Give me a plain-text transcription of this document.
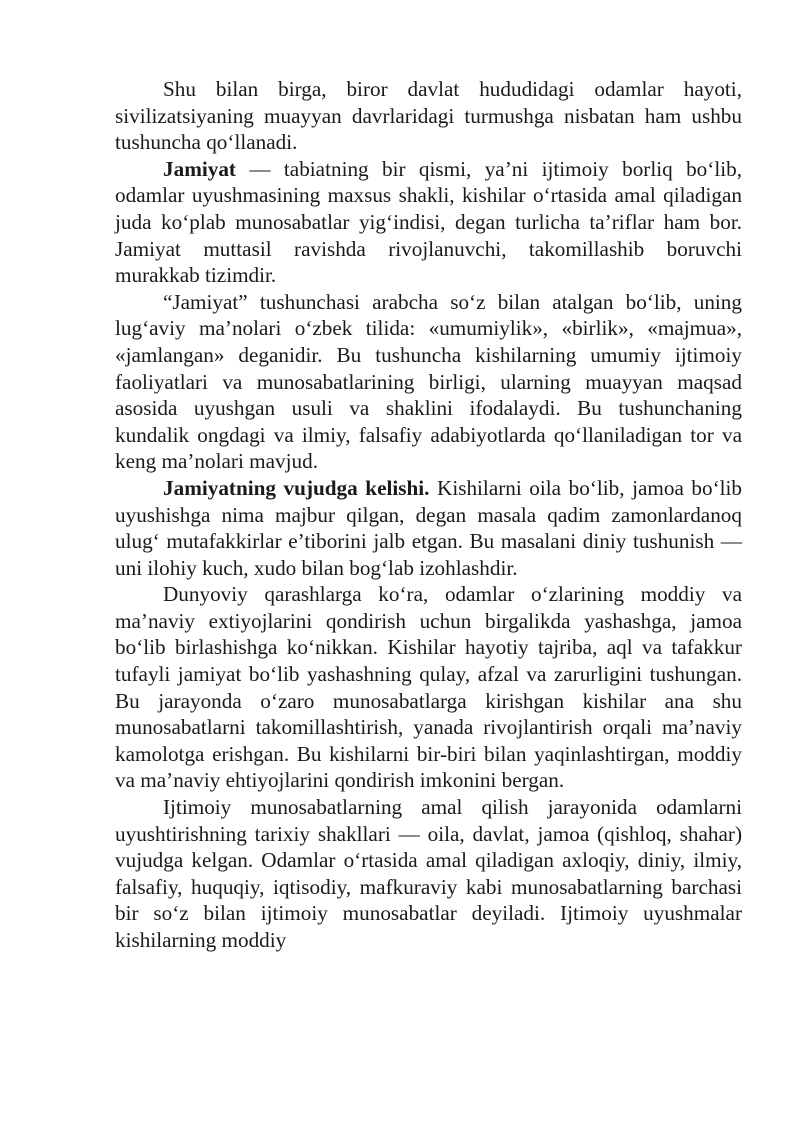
Shu bilan birga, biror davlat hududidagi odamlar hayoti, sivilizatsiyaning muayyan davrlaridagi turmushga nisbatan ham ushbu tushuncha qo‘llanadi.

Jamiyat — tabiatning bir qismi, ya’ni ijtimoiy borliq bo‘lib, odamlar uyushmasining maxsus shakli, kishilar o‘rtasida amal qiladigan juda ko‘plab munosabatlar yig‘indisi, degan turlicha ta’riflar ham bor. Jamiyat muttasil ravishda rivojlanuvchi, takomillashib boruvchi murakkab tizimdir.

“Jamiyat” tushunchasi arabcha so‘z bilan atalgan bo‘lib, uning lug‘aviy ma’nolari o‘zbek tilida: «umumiylik», «birlik», «majmua», «jamlangan» deganidir. Bu tushuncha kishilarning umumiy ijtimoiy faoliyatlari va munosabatlarining birligi, ularning muayyan maqsad asosida uyushgan usuli va shaklini ifodalaydi. Bu tushunchaning kundalik ongdagi va ilmiy, falsafiy adabiyotlarda qo‘llaniladigan tor va keng ma’nolari mavjud.

Jamiyatning vujudga kelishi. Kishilarni oila bo‘lib, jamoa bo‘lib uyushishga nima majbur qilgan, degan masala qadim zamonlardanoq ulug‘ mutafakkirlar e’tiborini jalb etgan. Bu masalani diniy tushunish — uni ilohiy kuch, xudo bilan bog‘lab izohlashdir.

Dunyoviy qarashlarga ko‘ra, odamlar o‘zlarining moddiy va ma’naviy extiyojlarini qondirish uchun birgalikda yashashga, jamoa bo‘lib birlashishga ko‘nikkan. Kishilar hayotiy tajriba, aql va tafakkur tufayli jamiyat bo‘lib yashashning qulay, afzal va zarurligini tushungan. Bu jarayonda o‘zaro munosabatlarga kirishgan kishilar ana shu munosabatlarni takomillashtirish, yanada rivojlantirish orqali ma’naviy kamolotga erishgan. Bu kishilarni bir-biri bilan yaqinlashtirgan, moddiy va ma’naviy ehtiyojlarini qondirish imkonini bergan.

Ijtimoiy munosabatlarning amal qilish jarayonida odamlarni uyushtirishning tarixiy shakllari — oila, davlat, jamoa (qishloq, shahar) vujudga kelgan. Odamlar o‘rtasida amal qiladigan axloqiy, diniy, ilmiy, falsafiy, huquqiy, iqtisodiy, mafkuraviy kabi munosabatlarning barchasi bir so‘z bilan ijtimoiy munosabatlar deyiladi. Ijtimoiy uyushmalar kishilarning moddiy
